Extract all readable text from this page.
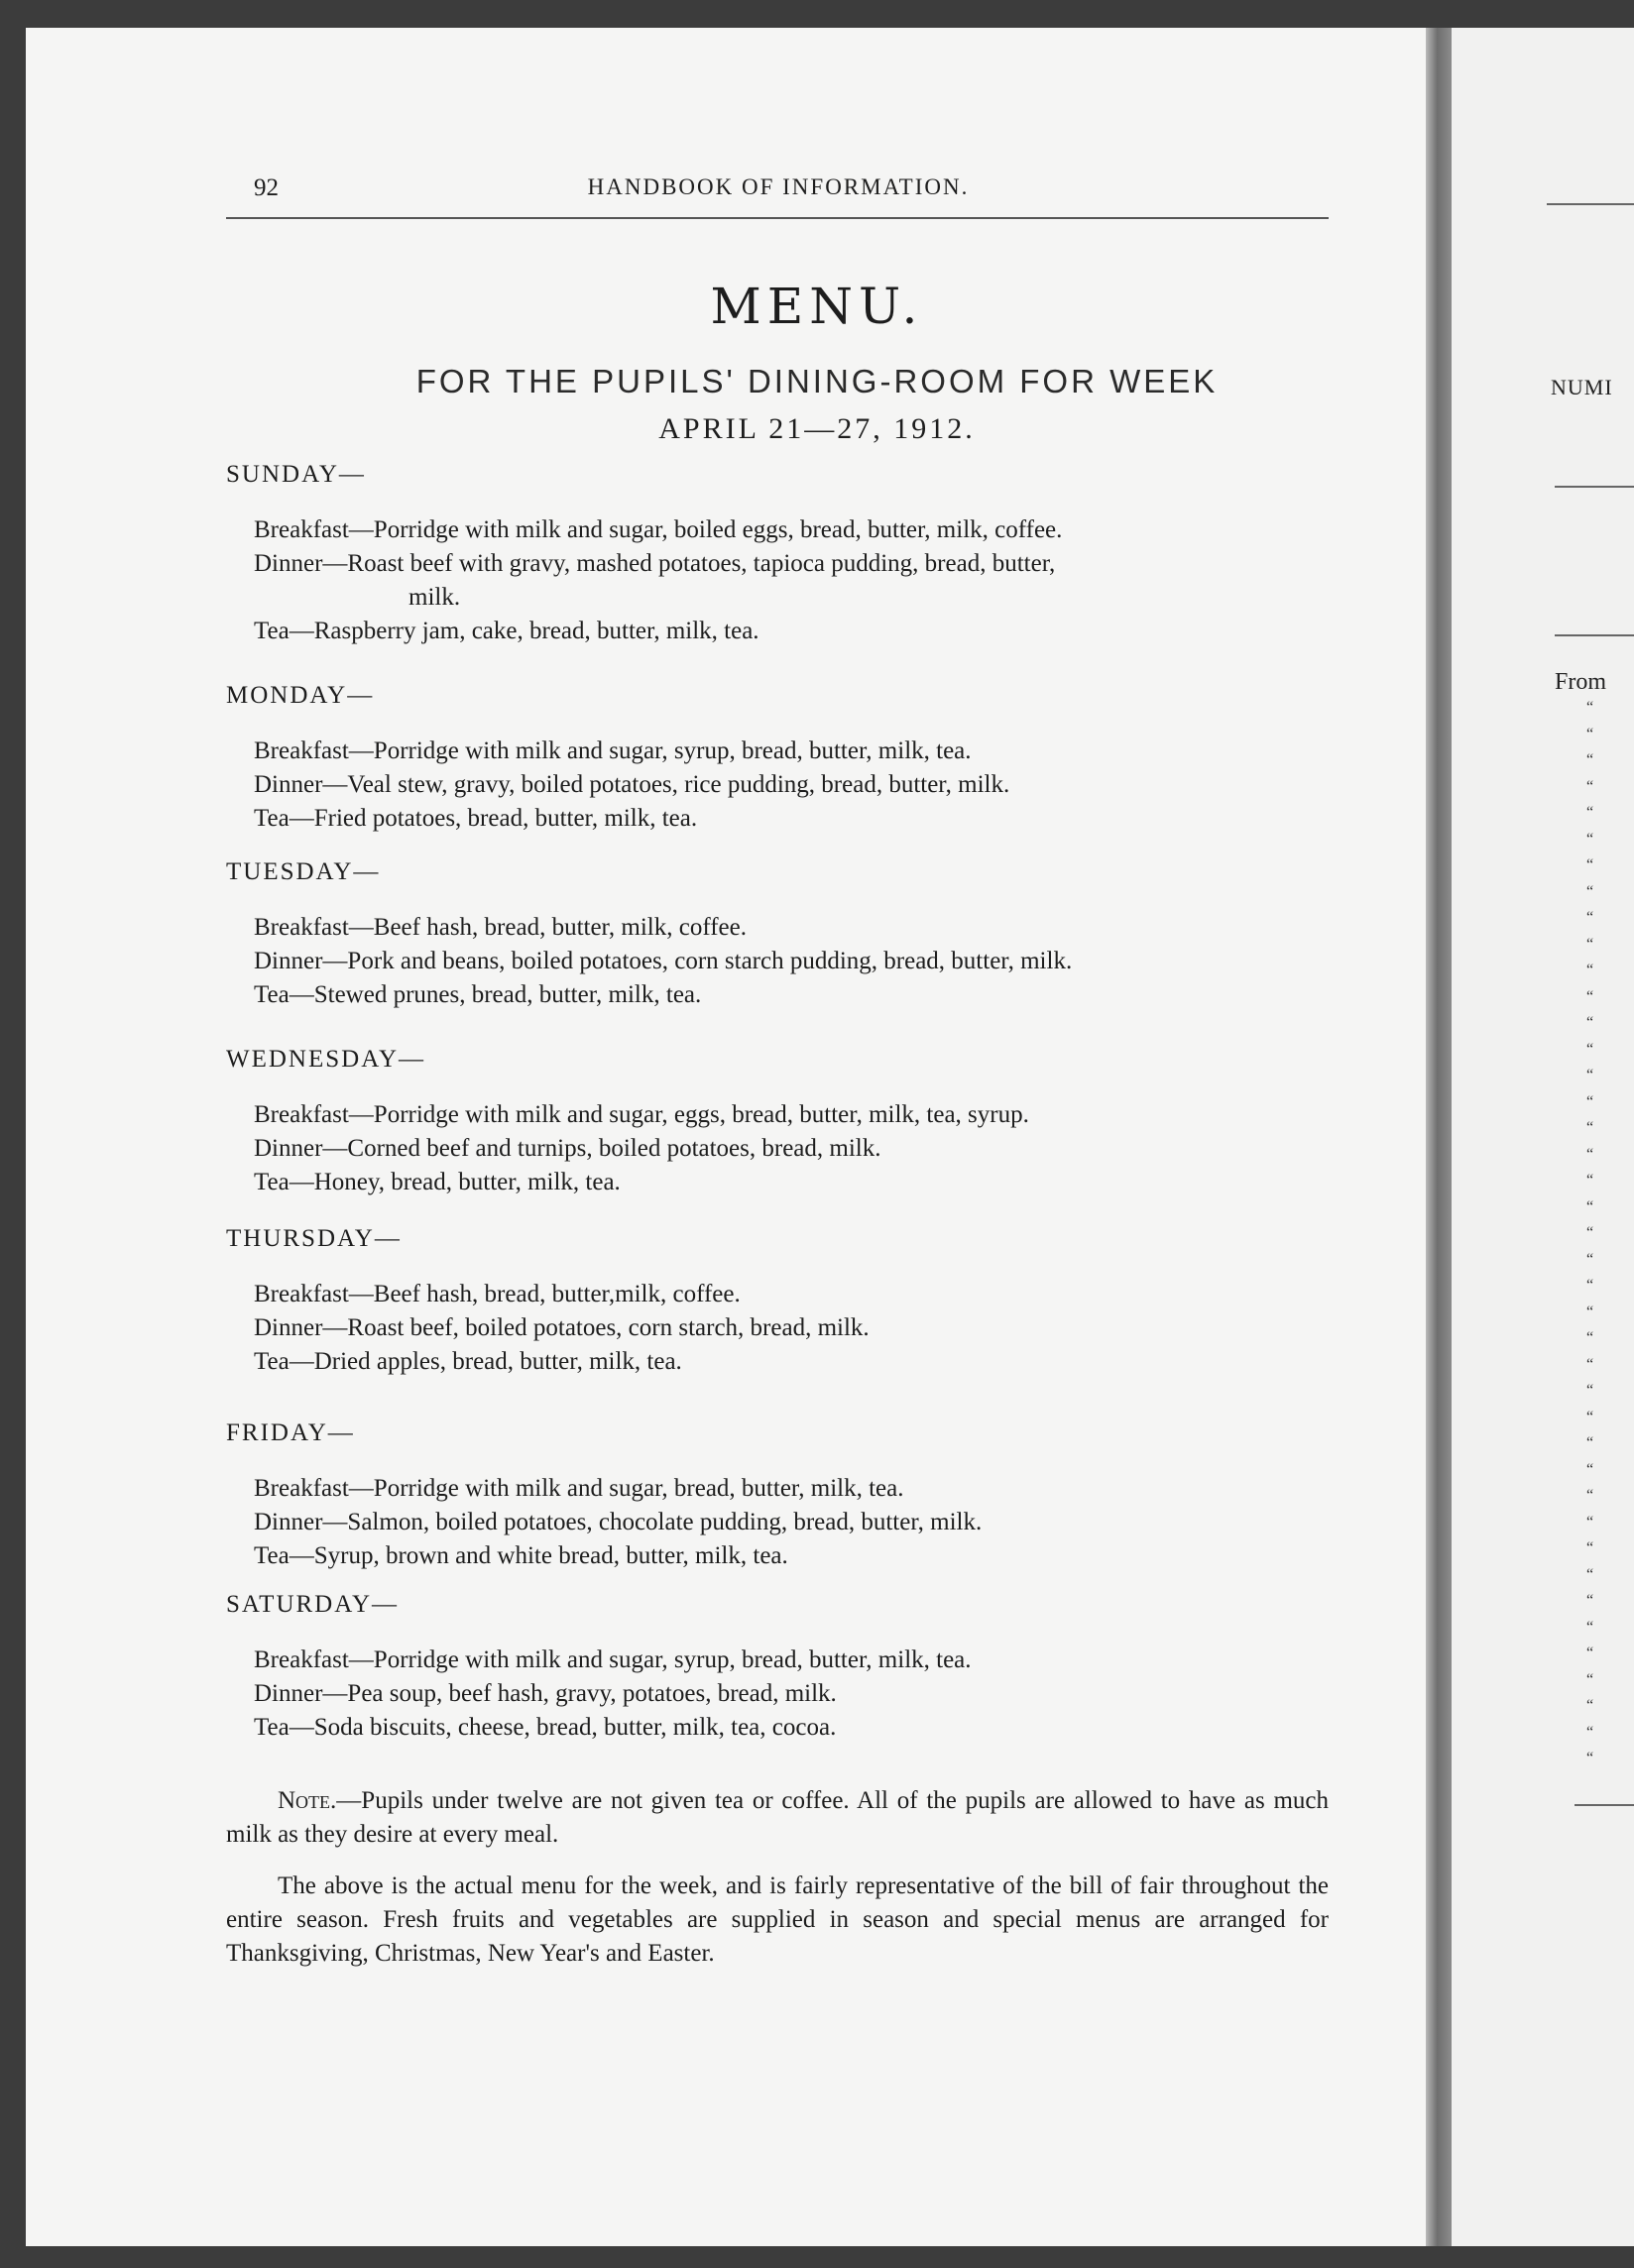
92	HANDBOOK OF INFORMATION.
MENU.
FOR THE PUPILS' DINING-ROOM FOR WEEK
APRIL 21—27, 1912.
SUNDAY—
Breakfast—Porridge with milk and sugar, boiled eggs, bread, butter, milk, coffee.
Dinner—Roast beef with gravy, mashed potatoes, tapioca pudding, bread, butter,
milk.
Tea—Raspberry jam, cake, bread, butter, milk, tea.
MONDAY—
Breakfast—Porridge with milk and sugar, syrup, bread, butter, milk, tea.
Dinner—Veal stew, gravy, boiled potatoes, rice pudding, bread, butter, milk.
Tea—Fried potatoes, bread, butter, milk, tea.
TUESDAY—
Breakfast—Beef hash, bread, butter, milk, coffee.
Dinner—Pork and beans, boiled potatoes, corn starch pudding, bread, butter, milk.
Tea—Stewed prunes, bread, butter, milk, tea.
WEDNESDAY—
Breakfast—Porridge with milk and sugar, eggs, bread, butter, milk, tea, syrup.
Dinner—Corned beef and turnips, boiled potatoes, bread, milk.
Tea—Honey, bread, butter, milk, tea.
THURSDAY—
Breakfast—Beef hash, bread, butter,milk, coffee.
Dinner—Roast beef, boiled potatoes, corn starch, bread, milk.
Tea—Dried apples, bread, butter, milk, tea.
FRIDAY—
Breakfast—Porridge with milk and sugar, bread, butter, milk, tea.
Dinner—Salmon, boiled potatoes, chocolate pudding, bread, butter, milk.
Tea—Syrup, brown and white bread, butter, milk, tea.
SATURDAY—
Breakfast—Porridge with milk and sugar, syrup, bread, butter, milk, tea.
Dinner—Pea soup, beef hash, gravy, potatoes, bread, milk.
Tea—Soda biscuits, cheese, bread, butter, milk, tea, cocoa.
Note.—Pupils under twelve are not given tea or coffee. All of the pupils are allowed to have as much milk as they desire at every meal.
The above is the actual menu for the week, and is fairly representative of the bill of fair throughout the entire season. Fresh fruits and vegetables are supplied in season and special menus are arranged for Thanksgiving, Christmas, New Year's and Easter.
NUMI
From
“
“
“
“
“
“
“
“
“
“
“
“
“
“
“
“
“
“
“
“
“
“
“
“
“
“
“
“
“
“
“
“
“
“
“
“
“
“
“
“
“
